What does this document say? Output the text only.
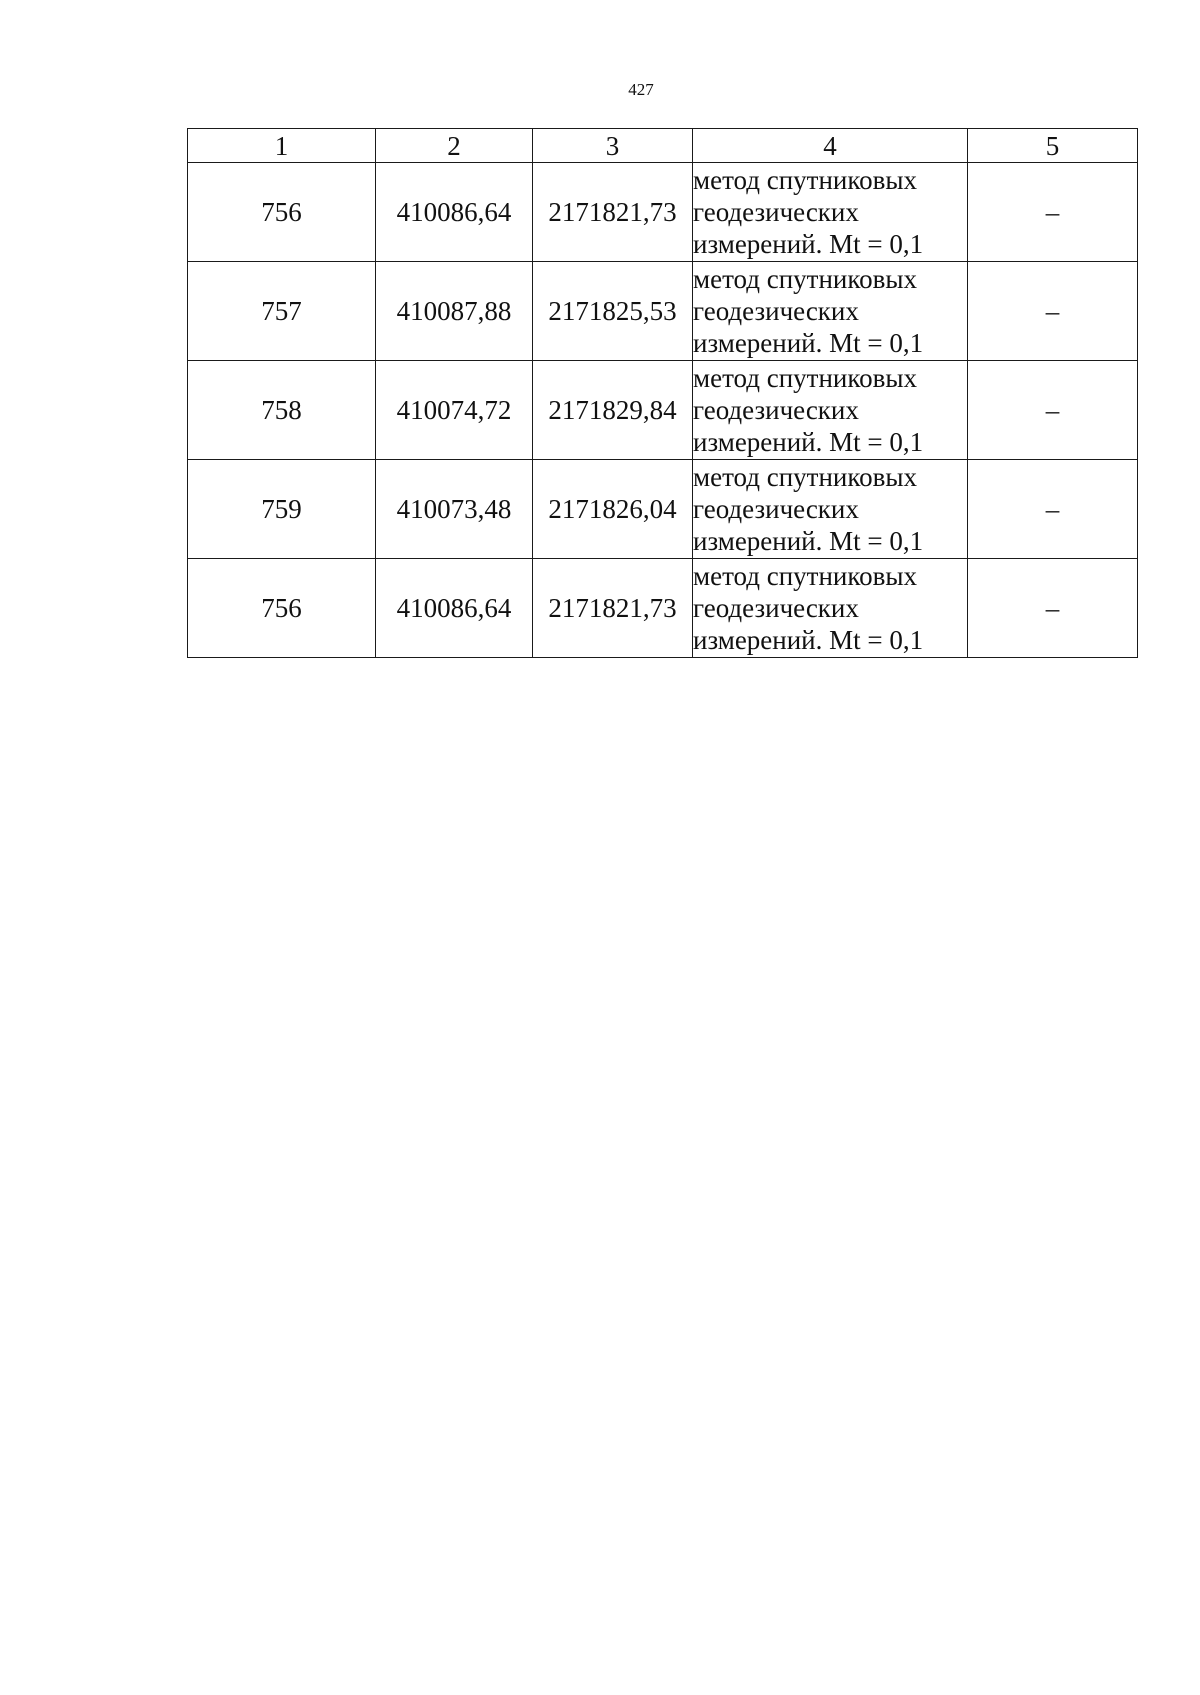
427
1	2	3	4	5
756	410086,64	2171821,73	метод спутниковых
геодезических
измерений. Mt = 0,1	–
757	410087,88	2171825,53	метод спутниковых
геодезических
измерений. Mt = 0,1	–
758	410074,72	2171829,84	метод спутниковых
геодезических
измерений. Mt = 0,1	–
759	410073,48	2171826,04	метод спутниковых
геодезических
измерений. Mt = 0,1	–
756	410086,64	2171821,73	метод спутниковых
геодезических
измерений. Mt = 0,1	–
